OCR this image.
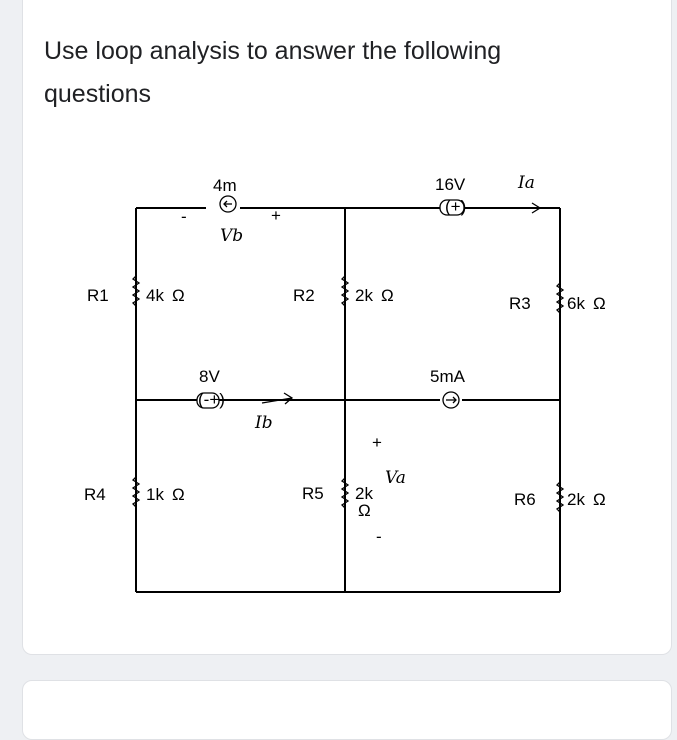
Use loop analysis to answer the following questions
4m
-	+
Vb
(+)
16V	Ia
(-+)
8V
Ib
5mA
+
Va
-
R1 4k Ω	R2 2k Ω	R3 6k Ω
R4 1k Ω	R5 2k
Ω
R6 2k Ω
